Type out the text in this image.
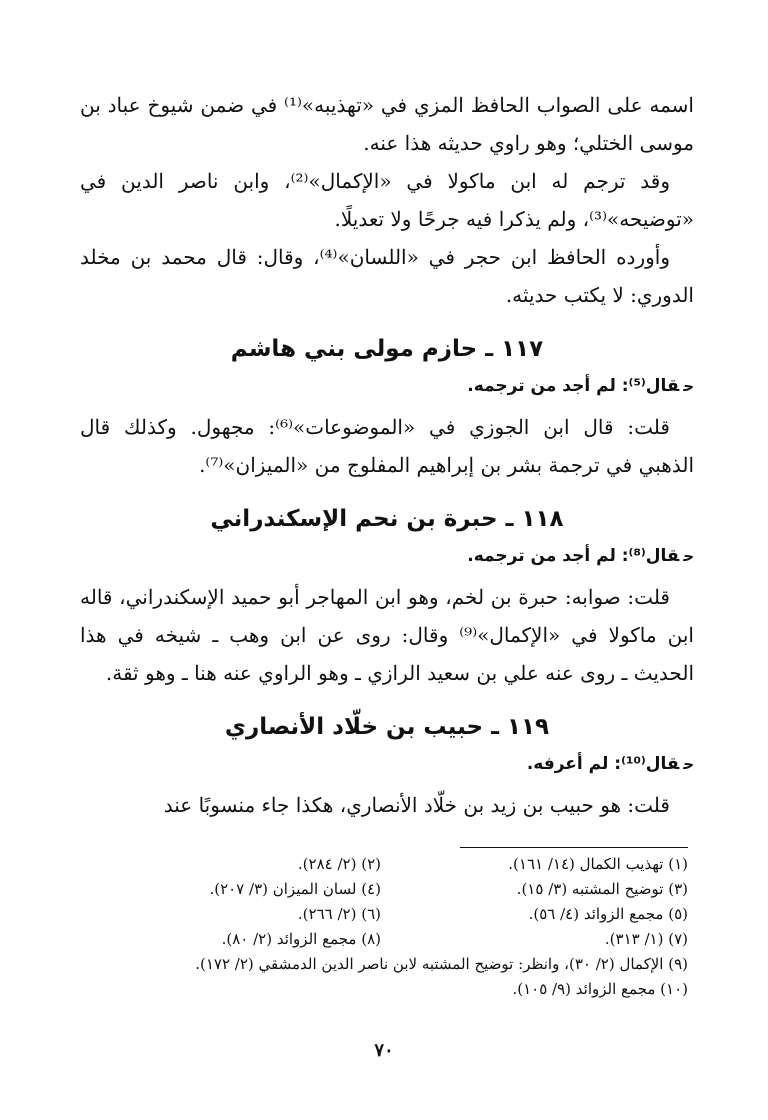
اسمه على الصواب الحافظ المزي في «تهذيبه»⁽¹⁾ في ضمن شيوخ عباد بن موسى الختلي؛ وهو راوي حديثه هذا عنه.

وقد ترجم له ابن ماكولا في «الإكمال»⁽²⁾، وابن ناصر الدين في «توضيحه»⁽³⁾، ولم يذكرا فيه جرحًا ولا تعديلًا.

وأورده الحافظ ابن حجر في «اللسان»⁽⁴⁾، وقال: قال محمد بن مخلد الدوري: لا يكتب حديثه.

١١٧ ـ حازم مولى بني هاشم
حقال⁽⁵⁾: لم أجد من ترجمه.

قلت: قال ابن الجوزي في «الموضوعات»⁽⁶⁾: مجهول. وكذلك قال الذهبي في ترجمة بشر بن إبراهيم المفلوج من «الميزان»⁽⁷⁾.

١١٨ ـ حبرة بن نحم الإسكندراني
حقال⁽⁸⁾: لم أجد من ترجمه.

قلت: صوابه: حبرة بن لخم، وهو ابن المهاجر أبو حميد الإسكندراني، قاله ابن ماكولا في «الإكمال»⁽⁹⁾ وقال: روى عن ابن وهب ـ شيخه في هذا الحديث ـ روى عنه علي بن سعيد الرازي ـ وهو الراوي عنه هنا ـ وهو ثقة.

١١٩ ـ حبيب بن خلّاد الأنصاري
حقال⁽¹⁰⁾: لم أعرفه.

قلت: هو حبيب بن زيد بن خلّاد الأنصاري، هكذا جاء منسوبًا عند

(١) تهذيب الكمال (١٤/ ١٦١).
(٢) (٢/ ٢٨٤).
(٣) توضيح المشتبه (٣/ ١٥).
(٤) لسان الميزان (٣/ ٢٠٧).
(٥) مجمع الزوائد (٤/ ٥٦).
(٦) (٢/ ٢٦٦).
(٧) (١/ ٣١٣).
(٨) مجمع الزوائد (٢/ ٨٠).
(٩) الإكمال (٢/ ٣٠)، وانظر: توضيح المشتبه لابن ناصر الدين الدمشقي (٢/ ١٧٢).
(١٠) مجمع الزوائد (٩/ ١٠٥).
٧٠
